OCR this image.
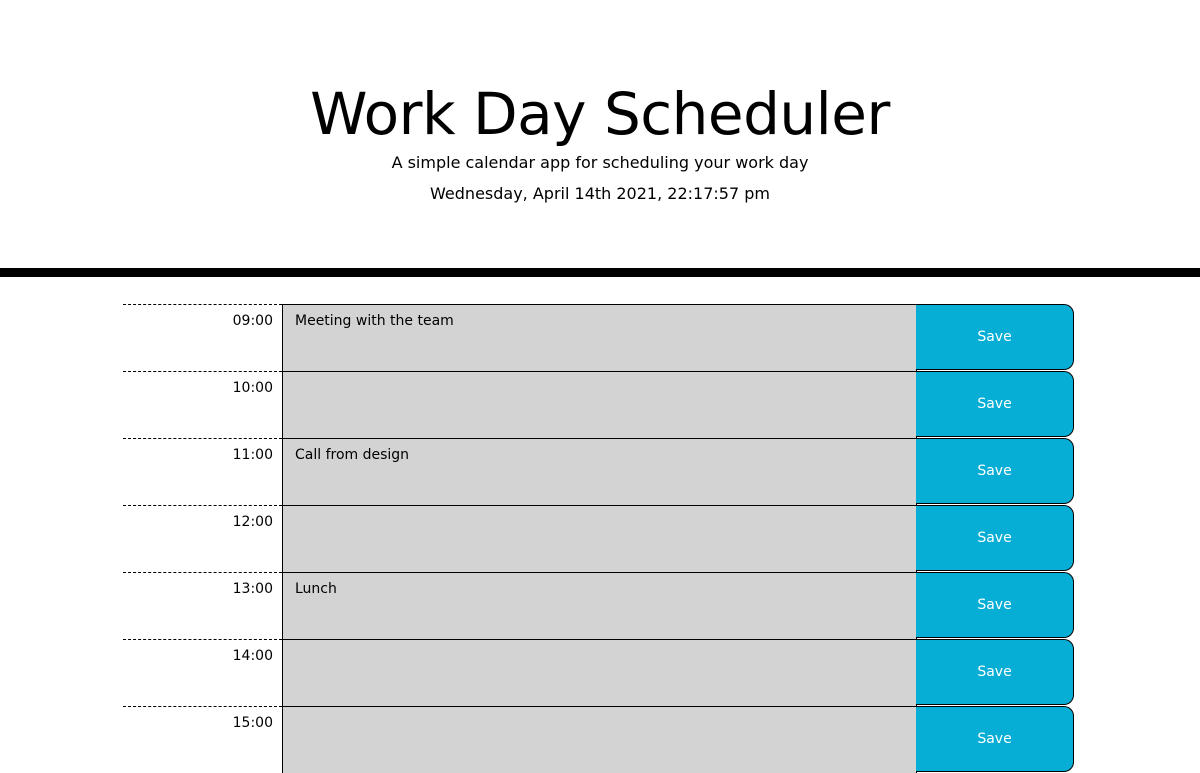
Work Day Scheduler

A simple calendar app for scheduling your work day

Wednesday, April 14th 2021, 22:17:57 pm

09:00	Meeting with the team
Save
10:00
Save
11:00	Call from design
Save
12:00
Save
13:00	Lunch
Save
14:00
Save
15:00
Save
